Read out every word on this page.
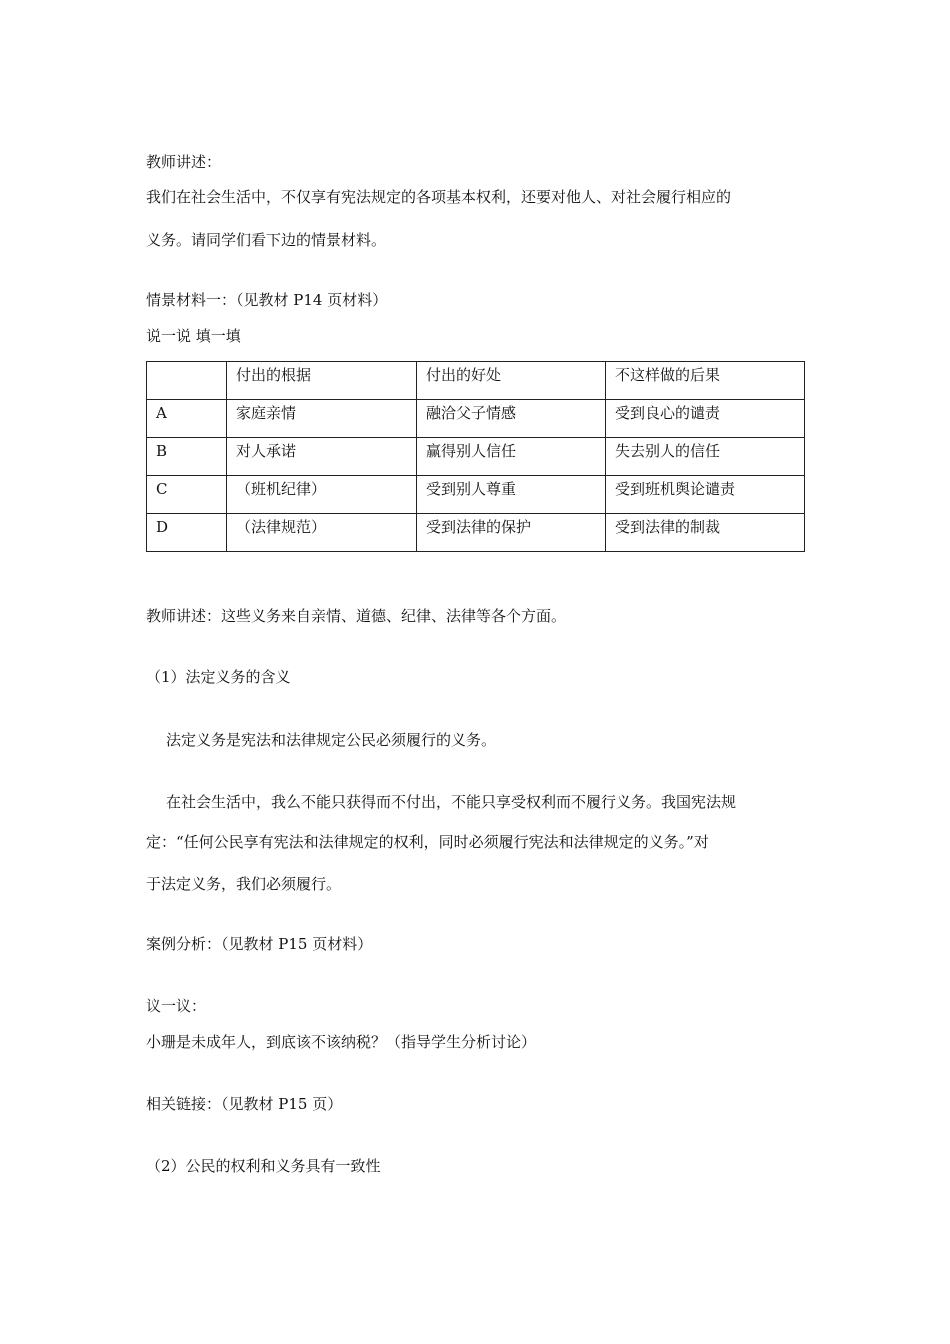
教师讲述：

我们在社会生活中，不仅享有宪法规定的各项基本权利，还要对他人、对社会履行相应的

义务。请同学们看下边的情景材料。

情景材料一：（见教材 P14 页材料）

说一说 填一填

	付出的根据	付出的好处	不这样做的后果
A	家庭亲情	融洽父子情感	受到良心的谴责
B	对人承诺	赢得别人信任	失去别人的信任
C	（班机纪律）	受到别人尊重	受到班机舆论谴责
D	（法律规范）	受到法律的保护	受到法律的制裁

教师讲述：这些义务来自亲情、道德、纪律、法律等各个方面。

（1）法定义务的含义

法定义务是宪法和法律规定公民必须履行的义务。

在社会生活中，我么不能只获得而不付出，不能只享受权利而不履行义务。我国宪法规

定：“任何公民享有宪法和法律规定的权利，同时必须履行宪法和法律规定的义务。”对

于法定义务，我们必须履行。

案例分析：（见教材 P15 页材料）

议一议：

小珊是未成年人，到底该不该纳税？（指导学生分析讨论）

相关链接：（见教材 P15 页）

（2）公民的权利和义务具有一致性
